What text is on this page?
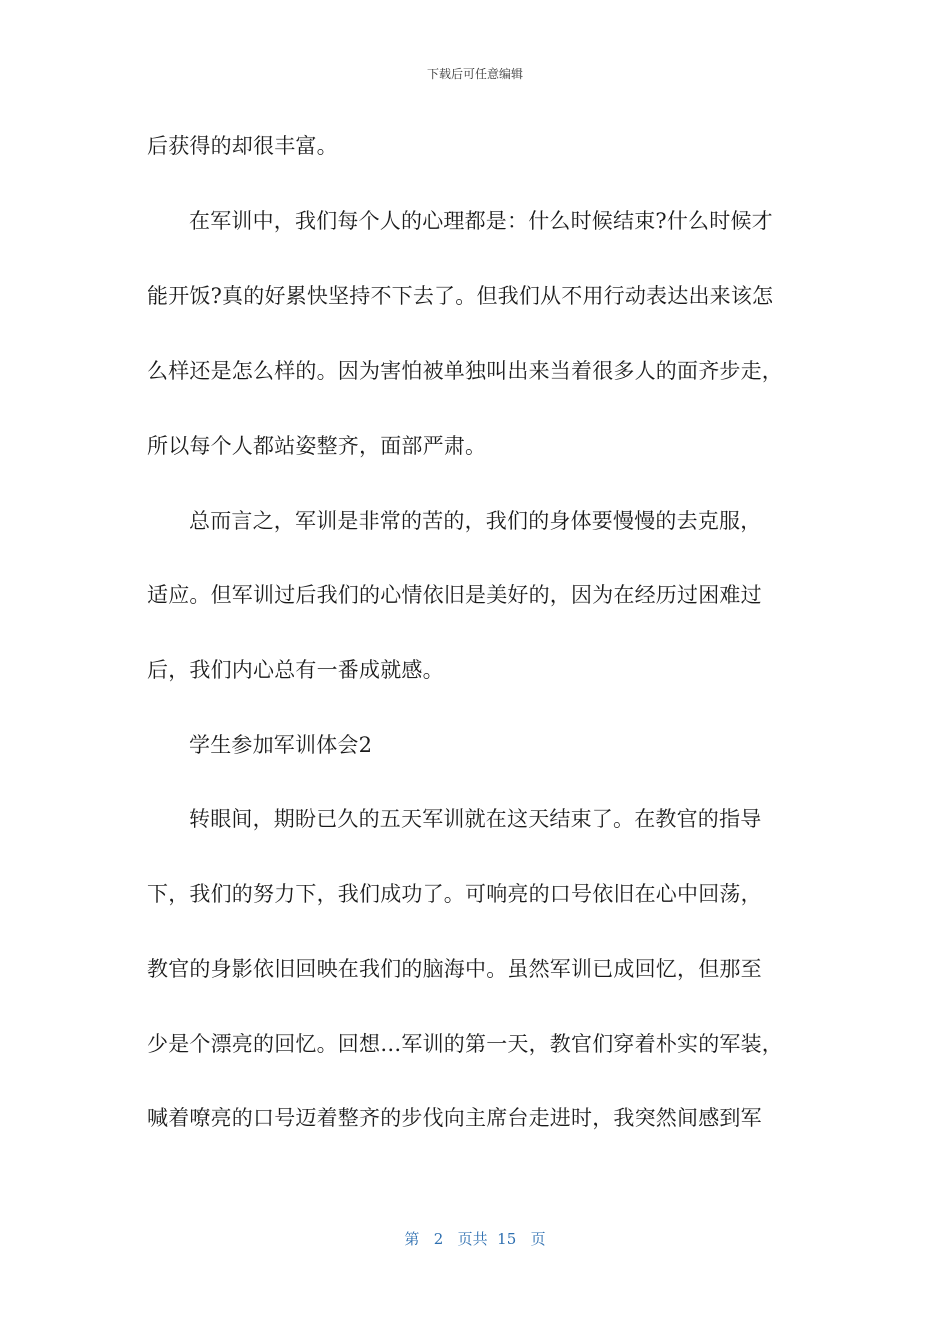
下载后可任意编辑
后获得的却很丰富。
在军训中，我们每个人的心理都是：什么时候结束?什么时候才
能开饭?真的好累快坚持不下去了。但我们从不用行动表达出来该怎
么样还是怎么样的。因为害怕被单独叫出来当着很多人的面齐步走，
所以每个人都站姿整齐，面部严肃。
总而言之，军训是非常的苦的，我们的身体要慢慢的去克服，
适应。但军训过后我们的心情依旧是美好的，因为在经历过困难过
后，我们内心总有一番成就感。
学生参加军训体会2
转眼间，期盼已久的五天军训就在这天结束了。在教官的指导
下，我们的努力下，我们成功了。可响亮的口号依旧在心中回荡，
教官的身影依旧回映在我们的脑海中。虽然军训已成回忆，但那至
少是个漂亮的回忆。回想…军训的第一天，教官们穿着朴实的军装，
喊着嘹亮的口号迈着整齐的步伐向主席台走进时，我突然间感到军
第 2 页共 15 页
